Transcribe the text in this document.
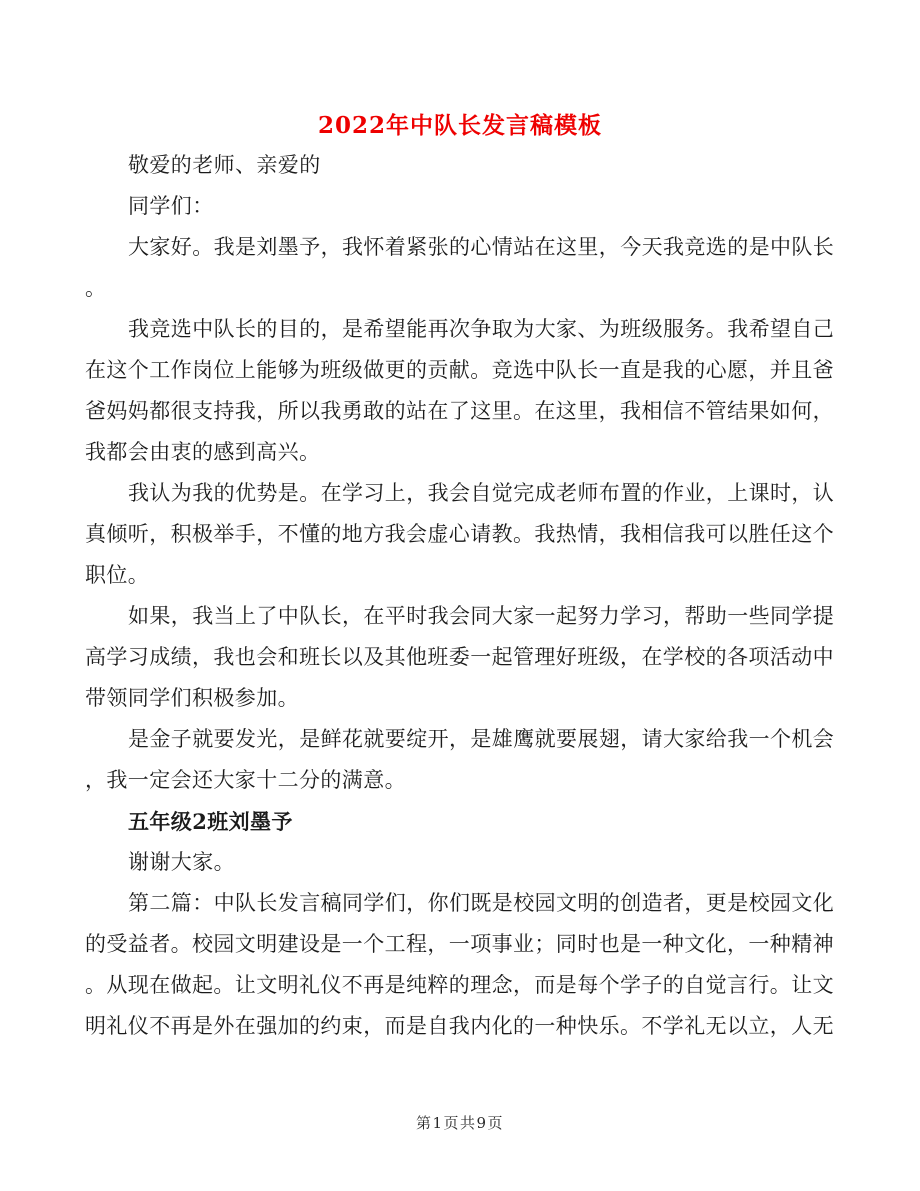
2022年中队长发言稿模板
敬爱的老师、亲爱的
同学们：
大家好。我是刘墨予，我怀着紧张的心情站在这里，今天我竞选的是中队长
。
我竞选中队长的目的，是希望能再次争取为大家、为班级服务。我希望自己
在这个工作岗位上能够为班级做更的贡献。竞选中队长一直是我的心愿，并且爸
爸妈妈都很支持我，所以我勇敢的站在了这里。在这里，我相信不管结果如何，
我都会由衷的感到高兴。
我认为我的优势是。在学习上，我会自觉完成老师布置的作业，上课时，认
真倾听，积极举手，不懂的地方我会虚心请教。我热情，我相信我可以胜任这个
职位。
如果，我当上了中队长，在平时我会同大家一起努力学习，帮助一些同学提
高学习成绩，我也会和班长以及其他班委一起管理好班级，在学校的各项活动中
带领同学们积极参加。
是金子就要发光，是鲜花就要绽开，是雄鹰就要展翅，请大家给我一个机会
，我一定会还大家十二分的满意。
五年级2班刘墨予
谢谢大家。
第二篇：中队长发言稿同学们，你们既是校园文明的创造者，更是校园文化
的受益者。校园文明建设是一个工程，一项事业；同时也是一种文化，一种精神
。从现在做起。让文明礼仪不再是纯粹的理念，而是每个学子的自觉言行。让文
明礼仪不再是外在强加的约束，而是自我内化的一种快乐。不学礼无以立，人无
第1页共9页
